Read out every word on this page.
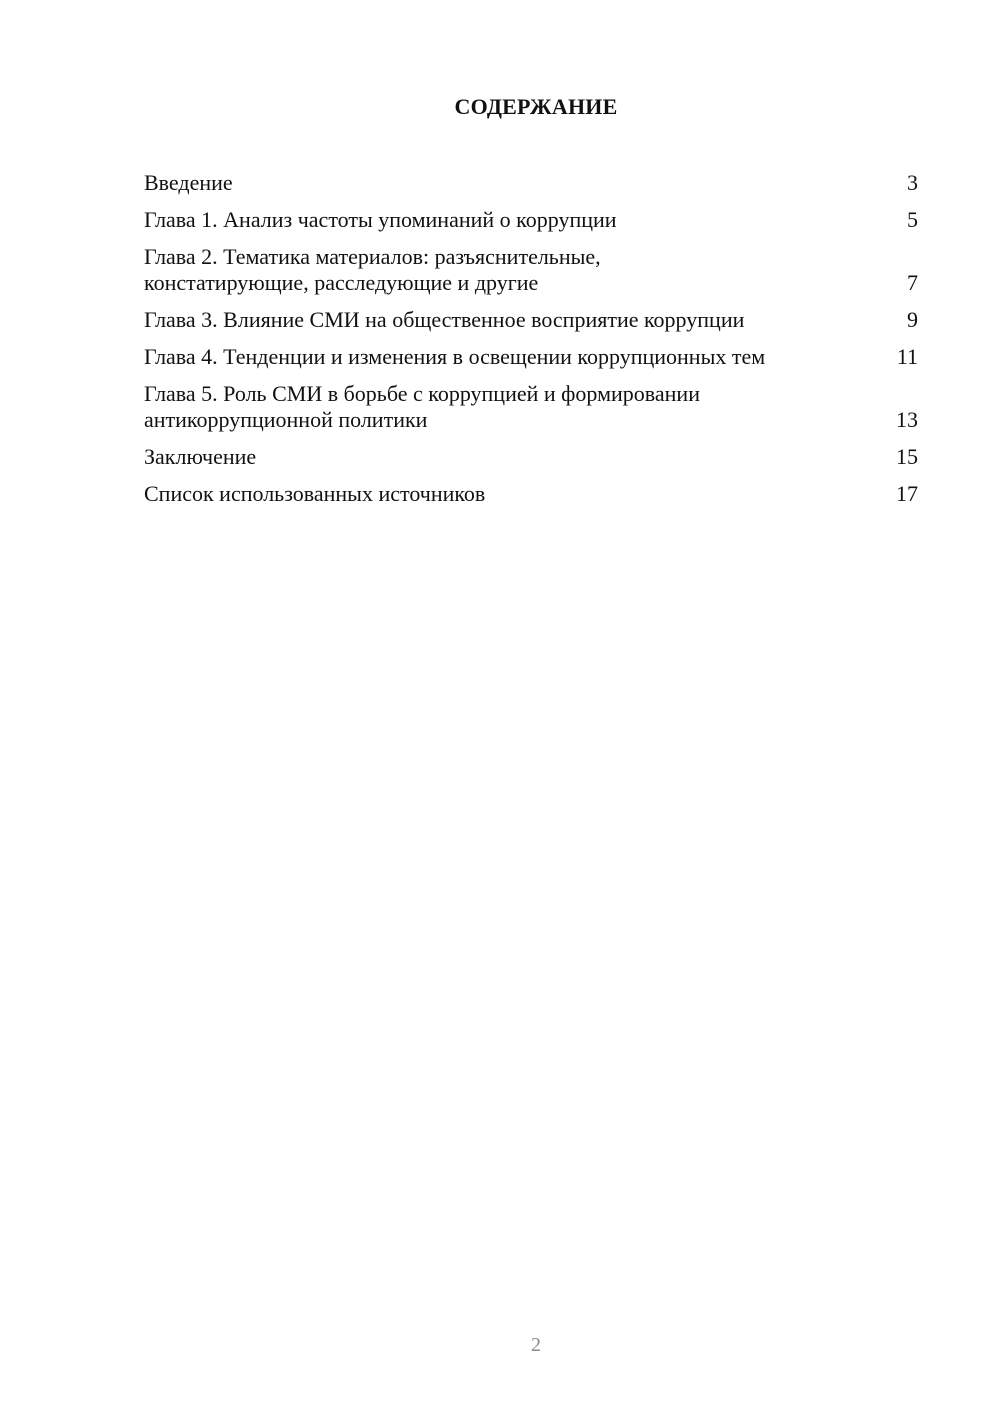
СОДЕРЖАНИЕ
Введение	3
Глава 1. Анализ частоты упоминаний о коррупции	5
Глава 2. Тематика материалов: разъяснительные, констатирующие, расследующие и другие	7
Глава 3. Влияние СМИ на общественное восприятие коррупции	9
Глава 4. Тенденции и изменения в освещении коррупционных тем	11
Глава 5. Роль СМИ в борьбе с коррупцией и формировании антикоррупционной политики	13
Заключение	15
Список использованных источников	17

2
